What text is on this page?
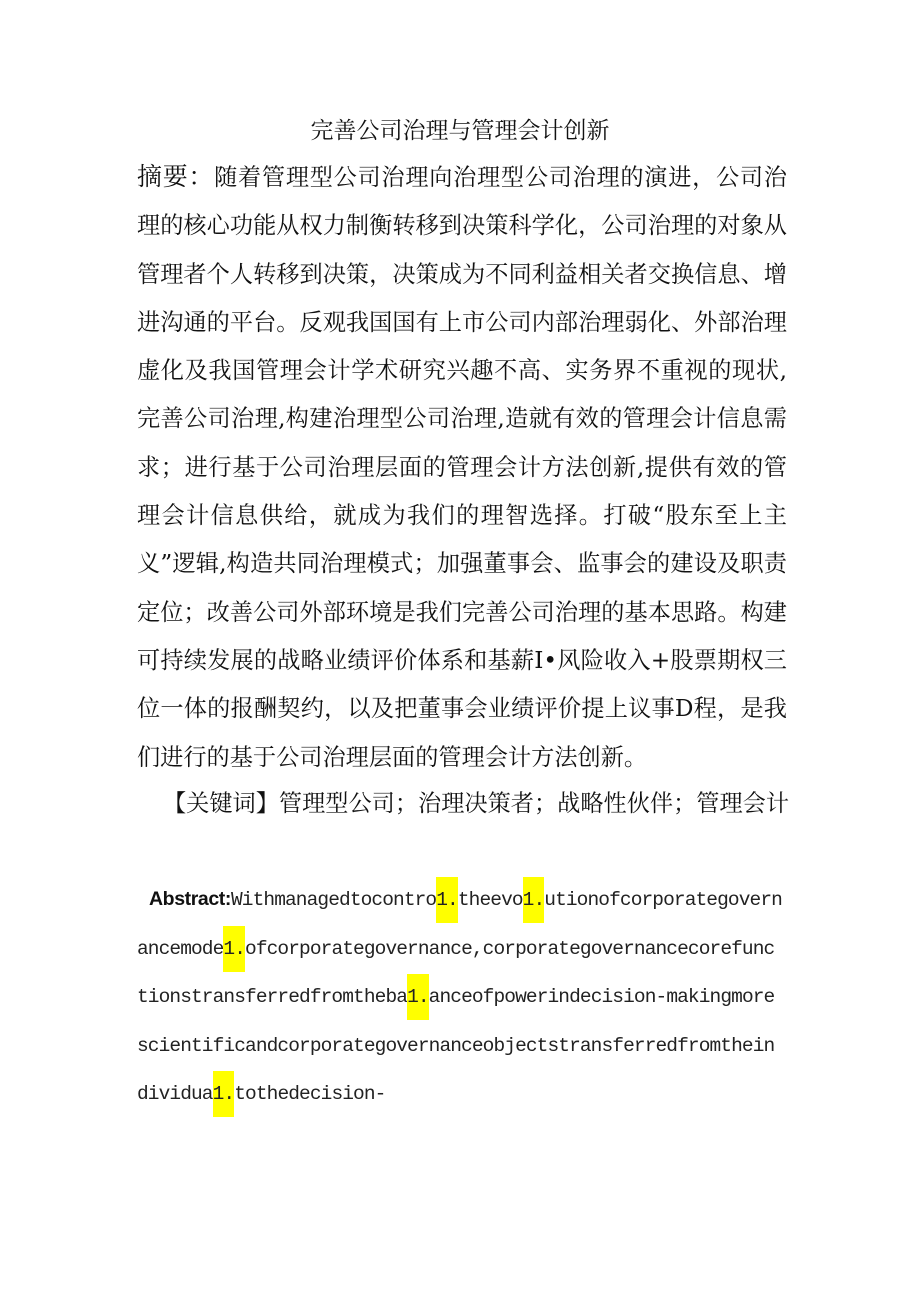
完善公司治理与管理会计创新

摘要：随着管理型公司治理向治理型公司治理的演进，公司治理的核心功能从权力制衡转移到决策科学化，公司治理的对象从管理者个人转移到决策，决策成为不同利益相关者交换信息、增进沟通的平台。反观我国国有上市公司内部治理弱化、外部治理虚化及我国管理会计学术研究兴趣不高、实务界不重视的现状,完善公司治理,构建治理型公司治理,造就有效的管理会计信息需求；进行基于公司治理层面的管理会计方法创新,提供有效的管理会计信息供给，就成为我们的理智选择。打破“股东至上主义”逻辑,构造共同治理模式；加强董事会、监事会的建设及职责定位；改善公司外部环境是我们完善公司治理的基本思路。构建可持续发展的战略业绩评价体系和基薪I•风险收入+股票期权三位一体的报酬契约，以及把董事会业绩评价提上议事D程，是我们进行的基于公司治理层面的管理会计方法创新。

【关键词】管理型公司；治理决策者；战略性伙伴；管理会计

Abstract:Withmanagedtocontro1.theevo1.utionofcorporategovernancemode1.ofcorporategovernance,corporategovernancecorefunctionstransferredfromtheba1.anceofpowerindecision-makingmorescientificandcorporategovernanceobjectstransferredfromtheindividua1.tothedecision-
